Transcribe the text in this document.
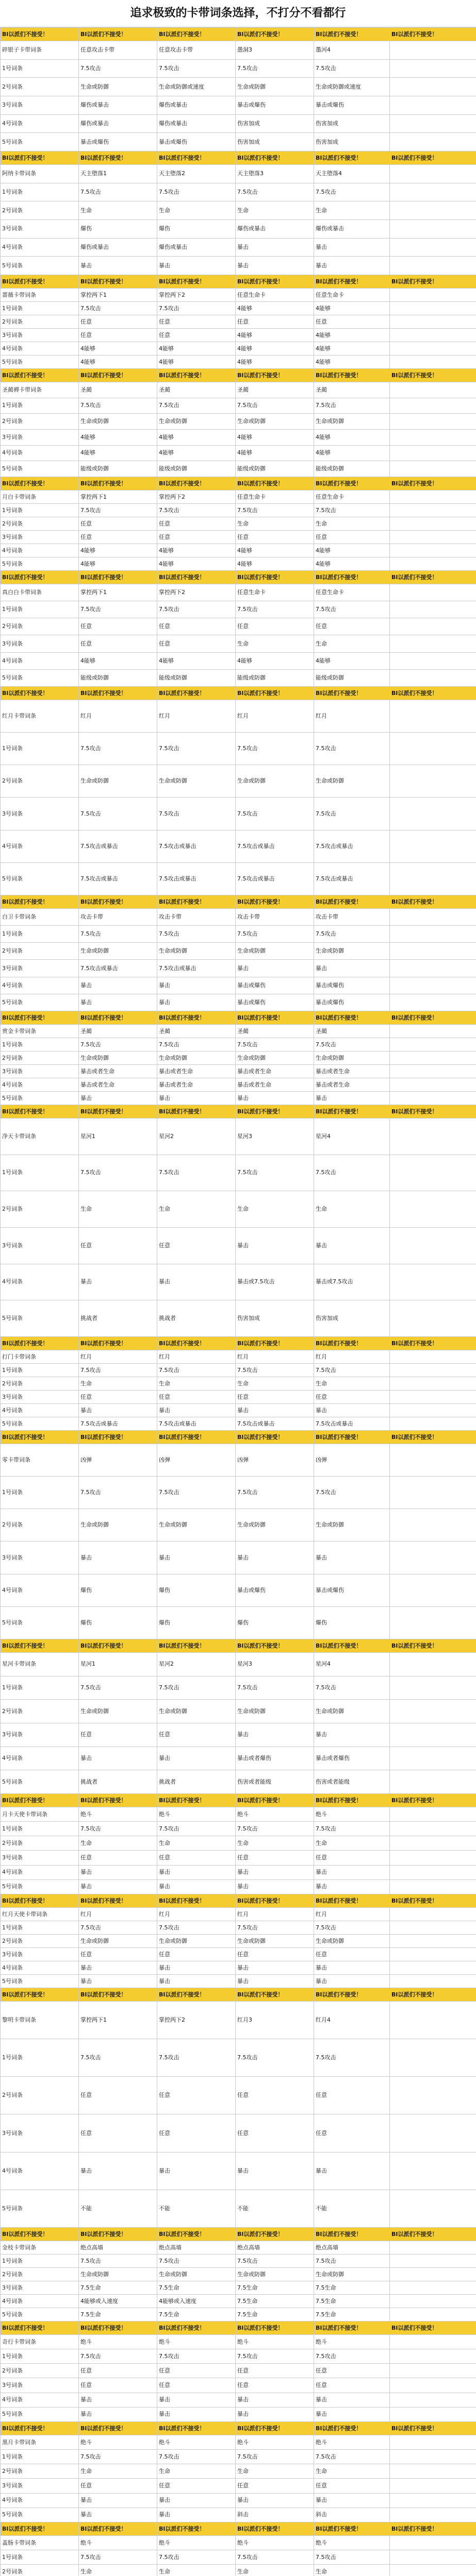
追求极致的卡带词条选择，不打分不看都行
BI以派们不接受！	BI以派们不接受！	BI以派们不接受！	BI以派们不接受！	BI以派们不接受！	BI以派们不接受！	
碎银子卡带词条	任意攻击卡带	任意攻击卡带	愚洞3	墨河4		
1号词条	7.5攻击	7.5攻击	7.5攻击	7.5攻击		
2号词条	生命或防御	生命或防御或速度	生命或防御	生命或防御或速度		
3号词条	爆伤或暴击	爆伤或暴击	暴击或爆伤	暴击或爆伤		
4号词条	爆伤或暴击	爆伤或暴击	伤害加成	伤害加成		
5号词条	暴击或爆伤	暴击或爆伤	伤害加成	伤害加成		
BI以派们不接受！	BI以派们不接受！	BI以派们不接受！	BI以派们不接受！	BI以派们不接受！	BI以派们不接受！	
阿纳卡带词条	天主堕落1	天主堕落2	天主堕落3	天主堕落4		
1号词条	7.5攻击	7.5攻击	7.5攻击	7.5攻击		
2号词条	生命	生命	生命	生命		
3号词条	爆伤	爆伤	爆伤或暴击	爆伤或暴击		
4号词条	爆伤或暴击	爆伤或暴击	暴击	暴击		
5号词条	暴击	暴击	暴击	暴击		
BI以派们不接受！	BI以派们不接受！	BI以派们不接受！	BI以派们不接受！	BI以派们不接受！	BI以派们不接受！	
蔷薇卡带词条	掌控两下1	掌控两下2	任意生命卡	任意生命卡		
1号词条	7.5攻击	7.5攻击	4能够	4能够		
2号词条	任意	任意	任意	任意		
3号词条	任意	任意	4能够	4能够		
4号词条	4能够	4能够	4能够	4能够		
5号词条	4能够	4能够	4能够	4能够		
BI以派们不接受！	BI以派们不接受！	BI以派们不接受！	BI以派们不接受！	BI以派们不接受！	BI以派们不接受！	
圣蔺褥卡带词条	圣蔺	圣蔺	圣蔺	圣蔺		
1号词条	7.5攻击	7.5攻击	7.5攻击	7.5攻击		
2号词条	生命或防御	生命或防御	生命或防御	生命或防御		
3号词条	4能够	4能够	4能够	4能够		
4号词条	4能够	4能够	4能够	4能够		
5号词条	能级或防御	能级或防御	能级或防御	能级或防御		
BI以派们不接受！	BI以派们不接受！	BI以派们不接受！	BI以派们不接受！	BI以派们不接受！	BI以派们不接受！	
月白卡带词条	掌控两下1	掌控两下2	任意生命卡	任意生命卡		
1号词条	7.5攻击	7.5攻击	7.5攻击	7.5攻击		
2号词条	任意	任意	生命	生命		
3号词条	任意	任意	任意	任意		
4号词条	4能够	4能够	4能够	4能够		
5号词条	4能够	4能够	4能够	4能够		
BI以派们不接受！	BI以派们不接受！	BI以派们不接受！	BI以派们不接受！	BI以派们不接受！	BI以派们不接受！	
真白白卡带词条	掌控两下1	掌控两下2	任意生命卡	任意生命卡		
1号词条	7.5攻击	7.5攻击	7.5攻击	7.5攻击		
2号词条	任意	任意	任意	任意		
3号词条	任意	任意	生命	生命		
4号词条	4能够	4能够	4能够	4能够		
5号词条	能级或防御	能级或防御	能级或防御	能级或防御		
BI以派们不接受！	BI以派们不接受！	BI以派们不接受！	BI以派们不接受！	BI以派们不接受！	BI以派们不接受！	
红月卡带词条	红月	红月	红月	红月		
1号词条	7.5攻击	7.5攻击	7.5攻击	7.5攻击		
2号词条	生命或防御	生命或防御	生命或防御	生命或防御		
3号词条	7.5攻击	7.5攻击	7.5攻击	7.5攻击		
4号词条	7.5攻击或暴击	7.5攻击或暴击	7.5攻击或暴击	7.5攻击或暴击		
5号词条	7.5攻击或暴击	7.5攻击或暴击	7.5攻击或暴击	7.5攻击或暴击		
BI以派们不接受！	BI以派们不接受！	BI以派们不接受！	BI以派们不接受！	BI以派们不接受！	BI以派们不接受！	
白卫卡带词条	攻击卡带	攻击卡带	攻击卡带	攻击卡带		
1号词条	7.5攻击	7.5攻击	7.5攻击	7.5攻击		
2号词条	生命或防御	生命或防御	生命或防御	生命或防御		
3号词条	7.5攻击或暴击	7.5攻击或暴击	暴击	暴击		
4号词条	暴击	暴击	暴击或爆伤	暴击或爆伤		
5号词条	暴击	暴击	暴击或爆伤	暴击或爆伤		
BI以派们不接受！	BI以派们不接受！	BI以派们不接受！	BI以派们不接受！	BI以派们不接受！	BI以派们不接受！	
赏金卡带词条	圣蔺	圣蔺	圣蔺	圣蔺		
1号词条	7.5攻击	7.5攻击	7.5攻击	7.5攻击		
2号词条	生命或防御	生命或防御	生命或防御	生命或防御		
3号词条	暴击或者生命	暴击或者生命	暴击或者生命	暴击或者生命		
4号词条	暴击或者生命	暴击或者生命	暴击或者生命	暴击或者生命		
5号词条	暴击	暴击	暴击	暴击		
BI以派们不接受！	BI以派们不接受！	BI以派们不接受！	BI以派们不接受！	BI以派们不接受！	BI以派们不接受！	
净天卡带词条	星河1	星河2	星河3	星河4		
1号词条	7.5攻击	7.5攻击	7.5攻击	7.5攻击		
2号词条	生命	生命	生命	生命		
3号词条	任意	任意	暴击	暴击		
4号词条	暴击	暴击	暴击或7.5攻击	暴击或7.5攻击		
5号词条	挑战者	挑战者	伤害加成	伤害加成		
BI以派们不接受！	BI以派们不接受！	BI以派们不接受！	BI以派们不接受！	BI以派们不接受！	BI以派们不接受！	
打门卡带词条	红月	红月	红月	红月		
1号词条	7.5攻击	7.5攻击	7.5攻击	7.5攻击		
2号词条	生命	生命	生命	生命		
3号词条	任意	任意	任意	任意		
4号词条	暴击	暴击	暴击	暴击		
5号词条	7.5攻击或暴击	7.5攻击或暴击	7.5攻击或暴击	7.5攻击或暴击		
BI以派们不接受！	BI以派们不接受！	BI以派们不接受！	BI以派们不接受！	BI以派们不接受！	BI以派们不接受！	
零卡带词条	凶弹	凶弹	凶弹	凶弹		
1号词条	7.5攻击	7.5攻击	7.5攻击	7.5攻击		
2号词条	生命或防御	生命或防御	生命或防御	生命或防御		
3号词条	暴击	暴击	暴击	暴击		
4号词条	爆伤	爆伤	暴击或爆伤	暴击或爆伤		
5号词条	爆伤	爆伤	爆伤	爆伤		
BI以派们不接受！	BI以派们不接受！	BI以派们不接受！	BI以派们不接受！	BI以派们不接受！	BI以派们不接受！	
星河卡带词条	星河1	星河2	星河3	星河4		
1号词条	7.5攻击	7.5攻击	7.5攻击	7.5攻击		
2号词条	生命或防御	生命或防御	生命或防御	生命或防御		
3号词条	任意	任意	暴击	暴击		
4号词条	暴击	暴击	暴击或者爆伤	暴击或者爆伤		
5号词条	挑战者	挑战者	伤害或者能级	伤害或者能级		
BI以派们不接受！	BI以派们不接受！	BI以派们不接受！	BI以派们不接受！	BI以派们不接受！	BI以派们不接受！	
月卡天使卡带词条	绝斗	绝斗	绝斗	绝斗		
1号词条	7.5攻击	7.5攻击	7.5攻击	7.5攻击		
2号词条	生命	生命	生命	生命		
3号词条	任意	任意	任意	任意		
4号词条	暴击	暴击	暴击	暴击		
5号词条	暴击	暴击	暴击	暴击		
BI以派们不接受！	BI以派们不接受！	BI以派们不接受！	BI以派们不接受！	BI以派们不接受！	BI以派们不接受！	
红月天使卡带词条	红月	红月	红月	红月		
1号词条	7.5攻击	7.5攻击	7.5攻击	7.5攻击		
2号词条	生命或防御	生命或防御	生命或防御	生命或防御		
3号词条	任意	任意	任意	任意		
4号词条	暴击	暴击	暴击	暴击		
5号词条	暴击	暴击	暴击	暴击		
BI以派们不接受！	BI以派们不接受！	BI以派们不接受！	BI以派们不接受！	BI以派们不接受！	BI以派们不接受！	
黎明卡带词条	掌控两下1	掌控两下2	红月3	红月4		
1号词条	7.5攻击	7.5攻击	7.5攻击	7.5攻击		
2号词条	任意	任意	任意	任意		
3号词条	任意	任意	任意	任意		
4号词条	暴击	暴击	暴击	暴击		
5号词条	不能	不能	不能	不能		
BI以派们不接受！	BI以派们不接受！	BI以派们不接受！	BI以派们不接受！	BI以派们不接受！	BI以派们不接受！	
金枝卡带词条	绝点高墙	绝点高墙	绝点高墙	绝点高墙		
1号词条	7.5攻击	7.5攻击	7.5攻击	7.5攻击		
2号词条	生命或防御	生命或防御	生命或防御	生命或防御		
3号词条	7.5生命	7.5生命	7.5生命	7.5生命		
4号词条	4能够或入速度	4能够或入速度	7.5生命	7.5生命		
5号词条	7.5生命	7.5生命	7.5生命	7.5生命		
BI以派们不接受！	BI以派们不接受！	BI以派们不接受！	BI以派们不接受！	BI以派们不接受！	BI以派们不接受！	
奇行卡带词条	绝斗	绝斗	绝斗	绝斗		
1号词条	7.5攻击	7.5攻击	7.5攻击	7.5攻击		
2号词条	任意	任意	任意	任意		
3号词条	任意	任意	任意	任意		
4号词条	暴击	暴击	暴击	暴击		
5号词条	暴击	暴击	暴击	暴击		
BI以派们不接受！	BI以派们不接受！	BI以派们不接受！	BI以派们不接受！	BI以派们不接受！	BI以派们不接受！	
黑月卡带词条	绝斗	绝斗	绝斗	绝斗		
1号词条	7.5攻击	7.5攻击	7.5攻击	7.5攻击		
2号词条	生命	生命	生命	生命		
3号词条	任意	任意	任意	任意		
4号词条	暴击	暴击	暴击	暴击		
5号词条	暴击	暴击	斜击	斜击		
BI以派们不接受！	BI以派们不接受！	BI以派们不接受！	BI以派们不接受！	BI以派们不接受！	BI以派们不接受！	
盖肠卡带词条	绝斗	绝斗	绝斗	绝斗		
1号词条	7.5攻击	7.5攻击	7.5攻击	7.5攻击		
2号词条	生命	生命	生命	生命		
